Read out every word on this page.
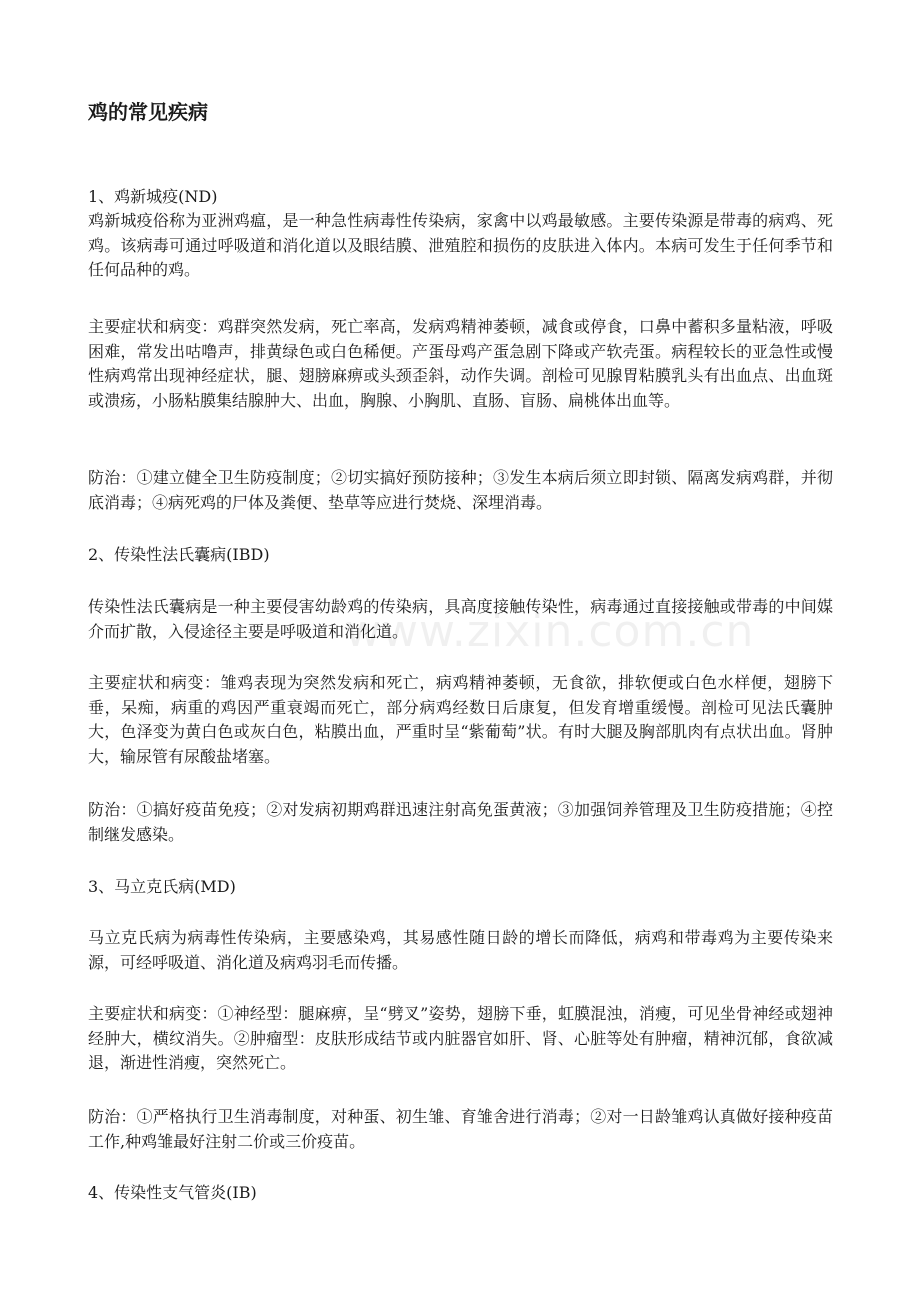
鸡的常见疾病
1、鸡新城疫(ND)

鸡新城疫俗称为亚洲鸡瘟，是一种急性病毒性传染病，家禽中以鸡最敏感。主要传染源是带毒的病鸡、死鸡。该病毒可通过呼吸道和消化道以及眼结膜、泄殖腔和损伤的皮肤进入体内。本病可发生于任何季节和任何品种的鸡。

主要症状和病变：鸡群突然发病，死亡率高，发病鸡精神萎顿，减食或停食，口鼻中蓄积多量粘液，呼吸困难，常发出咕噜声，排黄绿色或白色稀便。产蛋母鸡产蛋急剧下降或产软壳蛋。病程较长的亚急性或慢性病鸡常出现神经症状，腿、翅膀麻痹或头颈歪斜，动作失调。剖检可见腺胃粘膜乳头有出血点、出血斑或溃疡，小肠粘膜集结腺肿大、出血，胸腺、小胸肌、直肠、盲肠、扁桃体出血等。

防治：①建立健全卫生防疫制度；②切实搞好预防接种；③发生本病后须立即封锁、隔离发病鸡群，并彻底消毒；④病死鸡的尸体及粪便、垫草等应进行焚烧、深埋消毒。

2、传染性法氏囊病(IBD)

传染性法氏囊病是一种主要侵害幼龄鸡的传染病，具高度接触传染性，病毒通过直接接触或带毒的中间媒介而扩散，入侵途径主要是呼吸道和消化道。

主要症状和病变：雏鸡表现为突然发病和死亡，病鸡精神萎顿，无食欲，排软便或白色水样便，翅膀下垂，呆痴，病重的鸡因严重衰竭而死亡，部分病鸡经数日后康复，但发育增重缓慢。剖检可见法氏囊肿大，色泽变为黄白色或灰白色，粘膜出血，严重时呈“紫葡萄”状。有时大腿及胸部肌肉有点状出血。肾肿大，输尿管有尿酸盐堵塞。

防治：①搞好疫苗免疫；②对发病初期鸡群迅速注射高免蛋黄液；③加强饲养管理及卫生防疫措施；④控制继发感染。

3、马立克氏病(MD)

马立克氏病为病毒性传染病，主要感染鸡，其易感性随日龄的增长而降低，病鸡和带毒鸡为主要传染来源，可经呼吸道、消化道及病鸡羽毛而传播。

主要症状和病变：①神经型：腿麻痹，呈“劈叉”姿势，翅膀下垂，虹膜混浊，消瘦，可见坐骨神经或翅神经肿大，横纹消失。②肿瘤型：皮肤形成结节或内脏器官如肝、肾、心脏等处有肿瘤，精神沉郁，食欲减退，渐进性消瘦，突然死亡。

防治：①严格执行卫生消毒制度，对种蛋、初生雏、育雏舍进行消毒；②对一日龄雏鸡认真做好接种疫苗工作,种鸡雏最好注射二价或三价疫苗。

4、传染性支气管炎(IB)
www.zixin.com.cn
